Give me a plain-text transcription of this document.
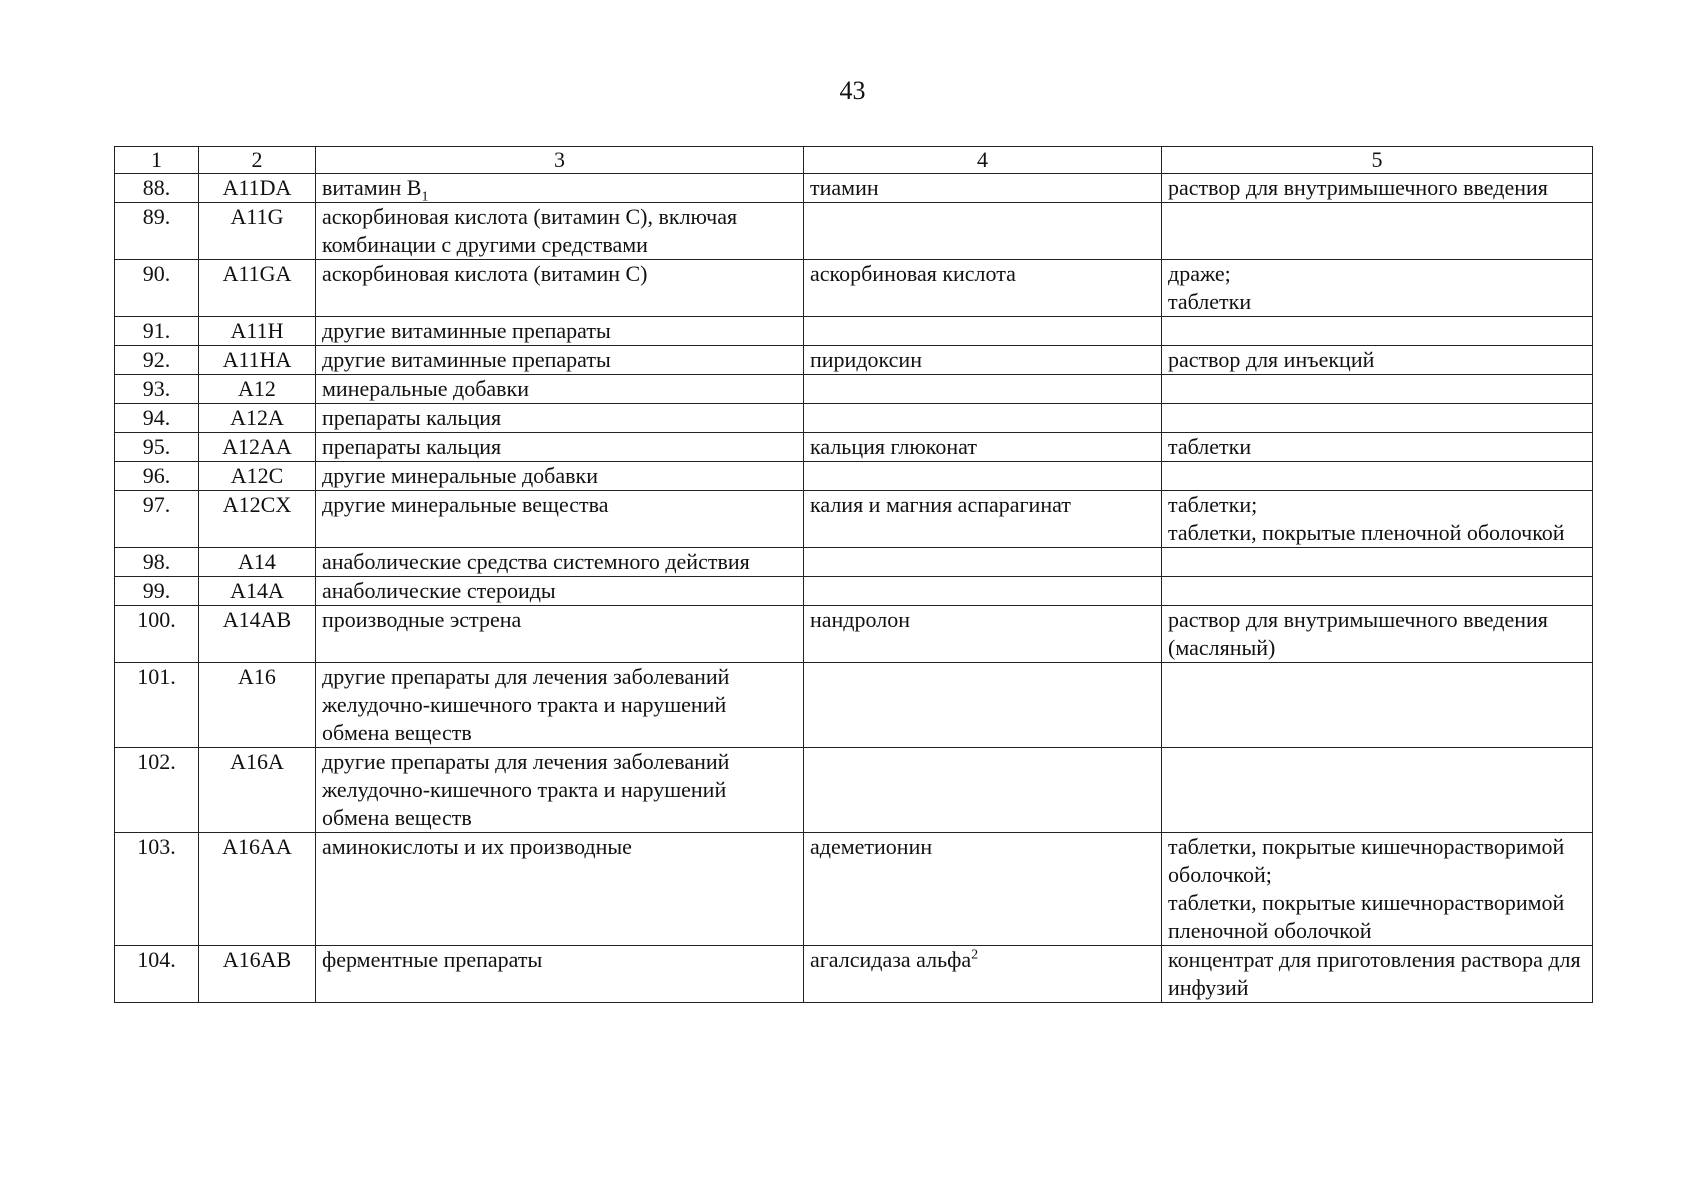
43
1	2	3	4	5
88.	A11DA	витамин $B_1$	тиамин	раствор для внутримышечного введения

89.	A11G	аскорбиновая кислота (витамин С), включая комбинации с другими средствами		
90.	A11GA	аскорбиновая кислота (витамин С)	аскорбиновая кислота	драже;
таблетки

91.	A11H	другие витаминные препараты		
92.	A11HA	другие витаминные препараты	пиридоксин	раствор для инъекций

93.	A12	минеральные добавки		
94.	A12A	препараты кальция		
95.	A12AA	препараты кальция	кальция глюконат	таблетки

96.	A12C	другие минеральные добавки		
97.	A12CX	другие минеральные вещества	калия и магния аспарагинат	таблетки;
таблетки, покрытые пленочной оболочкой

98.	A14	анаболические средства системного действия		
99.	A14A	анаболические стероиды		
100.	A14AB	производные эстрена	нандролон	раствор для внутримышечного введения (масляный)

101.	A16	другие препараты для лечения заболеваний желудочно-кишечного тракта и нарушений обмена веществ		
102.	A16A	другие препараты для лечения заболеваний желудочно-кишечного тракта и нарушений обмена веществ		
103.	A16AA	аминокислоты и их производные	адеметионин	таблетки, покрытые кишечнорастворимой оболочкой;
таблетки, покрытые кишечнорастворимой пленочной оболочкой

104.	A16AB	ферментные препараты	агалсидаза альфа$^2$	концентрат для приготовления раствора для инфузий
